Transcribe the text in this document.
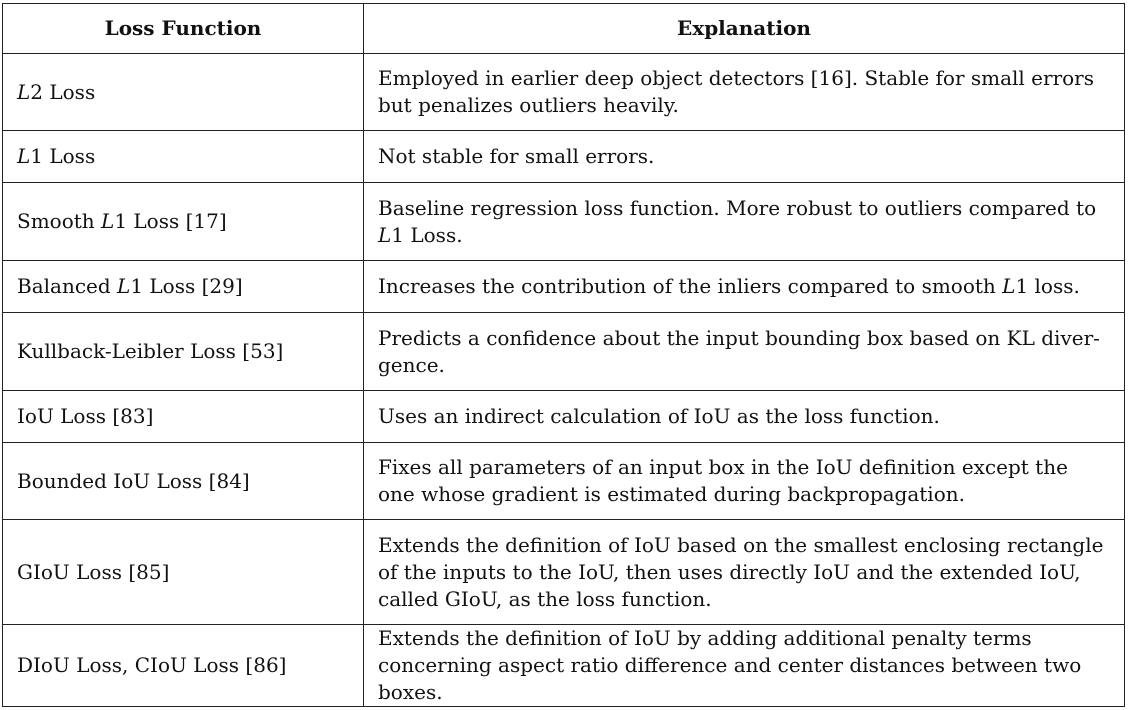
Loss Function	Explanation
L2 Loss	Employed in earlier deep object detectors [16]. Stable for small errors but penalizes outliers heavily.
L1 Loss	Not stable for small errors.
Smooth L1 Loss [17]	Baseline regression loss function. More robust to outliers compared to L1 Loss.
Balanced L1 Loss [29]	Increases the contribution of the inliers compared to smooth L1 loss.
Kullback-Leibler Loss [53]	Predicts a confidence about the input bounding box based on KL divergence.
IoU Loss [83]	Uses an indirect calculation of IoU as the loss function.
Bounded IoU Loss [84]	Fixes all parameters of an input box in the IoU definition except the one whose gradient is estimated during backpropagation.
GIoU Loss [85]	Extends the definition of IoU based on the smallest enclosing rectangle of the inputs to the IoU, then uses directly IoU and the extended IoU, called GIoU, as the loss function.
DIoU Loss, CIoU Loss [86]	Extends the definition of IoU by adding additional penalty terms concerning aspect ratio difference and center distances between two boxes.
